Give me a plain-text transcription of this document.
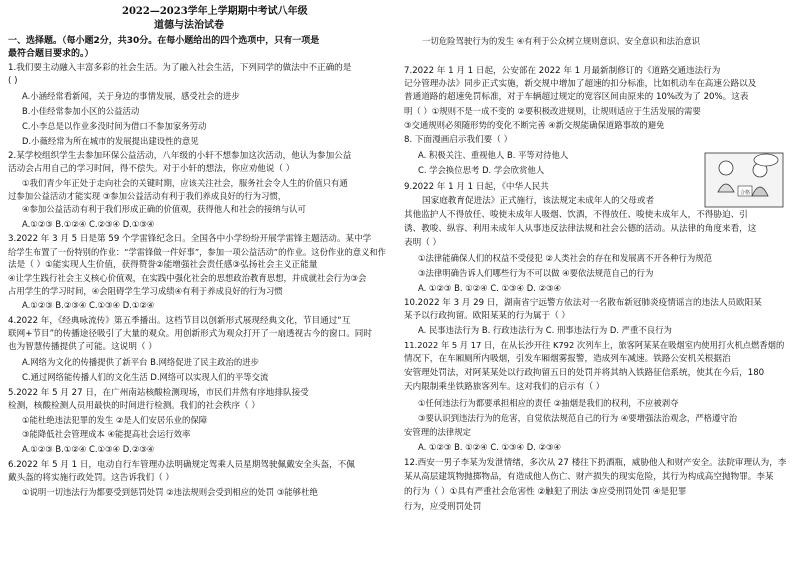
2022—2023学年上学期期中考试八年级
道德与法治试卷
一、选择题。（每小题2分，共30分。在每小题给出的四个选项中，只有一项是
最符合题目要求的。）
1.我们要主动融入丰富多彩的社会生活。为了融入社会生活，下列同学的做法中不正确的是
( )
A.小涵经常看新闻，关于身边的事情发展，感受社会的进步
B.小佳经常参加小区的公益活动
C.小李总是以作业多没时间为借口不参加家务劳动
D.小薇经常为所在城市的发展提出建设性的意见
2.某学校组织学生去参加环保公益活动，八年级的小轩不想参加这次活动，他认为参加公益
活动会占用自己的学习时间，得不偿失。对于小轩的想法，你应劝他说（ ）
①我们青少年正处于走向社会的关键时期，应该关注社会，服务社会令人生的价值只有通
过参加公益活动才能实现 ③参加公益活动有利于我们养成良好的行为习惯，
④参加公益活动有利于我们形成正确的价值观，获得他人和社会的接纳与认可
A.①②③ B.①②④ C.②③④ D.①③④
3.2022 年 3 月 5 日是第 59 个学雷锋纪念日。全国各中小学纷纷开展学雷锋主题活动。某中学
给学生布置了一份特别的作业：“学雷锋做一件好事”，参加一项公益活动”的作业。这份作业的意义和作
法是（ ）①能实现人生价值，获得赞誉②能增强社会责任感③弘扬社会主义正能量
④让学生践行社会主义核心价值观，在实践中强化社会的思想政治教育思想，并成就社会行为③会
占用学生的学习时间，④会阻碍学生学习成绩④有利于养成良好的行为习惯
A.①②③ B.②③④ C.①③④ D.①②④
4.2022 年，《经典咏流传》第五季播出。这档节目以创新形式展现经典文化，节目通过“互
联网+节目”的传播途径吸引了大量的观众。用创新形式为观众打开了一扇透视古今的窗口。同时
也为智慧传播提供了可能。这说明（ ）
A.网络为文化的传播提供了新平台 B.网络促进了民主政治的进步
C.通过网络能传播人们的文化生活 D.网络可以实现人们的平等交流
5.2022 年 5 月 27 日，在广州南站核酸检测现场，市民们井然有序地排队接受
检测，核酸检测人员用最快的时间进行检测。我们的社会秩序（ ）
①能杜绝违法犯罪的发生 ②是人们安居乐业的保障
③能降低社会管理成本 ④能提高社会运行效率
A.①②③ B.①②④ C.①③④ D.②③④
6.2022 年 5 月 1 日，电动自行车管理办法明确规定驾乘人员星期驾驶佩戴安全头盔，不佩
戴头盔的将实施行政处罚。这告诉我们（ ）
①说明一切违法行为都要受到惩罚处罚 ②违法规则会受到相应的处罚 ③能够杜绝
一切危险驾驶行为的发生 ④有利于公众树立规则意识、安全意识和法治意识
7.2022 年 1 月 1 日起，公安部在 2022 年 1 月最新制修订的《道路交通违法行为
记分管理办法》同步正式实施，新交规中增加了超速的扣分标准，比如机动车在高速公路以及
普通道路的超速免罚标准，对于车辆超过规定的宽容区间由原来的 10%改为了 20%。这表
明（ ）①规则不是一成不变的 ②要积极改进规则，让规则适应于生活发展的需要
③交通规则必须随形势的变化不断完善 ④新交规能确保道路事故的避免
8. 下面漫画启示我们要（ ）
A. 积极关注、重视他人 B. 平等对待他人
C. 学会换位思考 D. 学会欣赏他人
合格
9.2022 年 1 月 1 日起，《中华人民共
国家庭教育促进法》正式施行，该法规定未成年人的父母或者
其他监护人不得放任、唆使未成年人吸烟、饮酒，不得放任、唆使未成年人，不得胁迫、引
诱、教唆、纵容、利用未成年人从事违反法律法规和社会公德的活动。从法律的角度来看，这
表明（ ）
①法律能确保人们的权益不受侵犯 ②人类社会的存在和发展离不开各种行为规范
③法律明确告诉人们哪些行为不可以做 ④要依法规范自己的行为
A. ①②③ B. ①②④ C. ①③④ D. ②③④
10.2022 年 3 月 29 日，湖南省宁远警方依法对一名散布新冠肺炎疫情谣言的违法人员欧阳某
某予以行政拘留。欧阳某某的行为属于（ ）
A. 民事违法行为 B. 行政违法行为 C. 刑事违法行为 D. 严重不良行为
11.2022 年 5 月 17 日，在从长沙开往 K792 次列车上，旅客阿某某在吸烟室内使用打火机点燃香烟的
情况下，在车厢厕所内吸烟，引发车厢烟雾报警，造成列车减速。铁路公安机关根据治
安管理处罚法，对阿某某处以行政拘留五日的处罚并将其纳入铁路征信系统，使其在今后，180
天内限制乘坐铁路旅客列车。这对我们的启示有（ ）
①任何违法行为都要承担相应的责任 ②抽烟是我们的权利，不应被剥夺
③要认识到违法行为的危害，自觉依法规范自己的行为 ④要增强法治观念，严格遵守治
安管理的法律规定
A. ①②③ B. ①②④ C. ①③④ D. ②③④
12.西安一男子李某为发泄情绪，多次从 27 楼往下扔酒瓶，威胁他人和财产安全。法院审理认为，李
某从高层建筑物抛掷物品，有造成他人伤亡、财产损失的现实危险，其行为构成高空抛物罪。李某
的行为（ ）①具有严重社会危害性 ②触犯了刑法 ③应受刑罚处罚 ④是犯罪
行为，应受刑罚处罚
